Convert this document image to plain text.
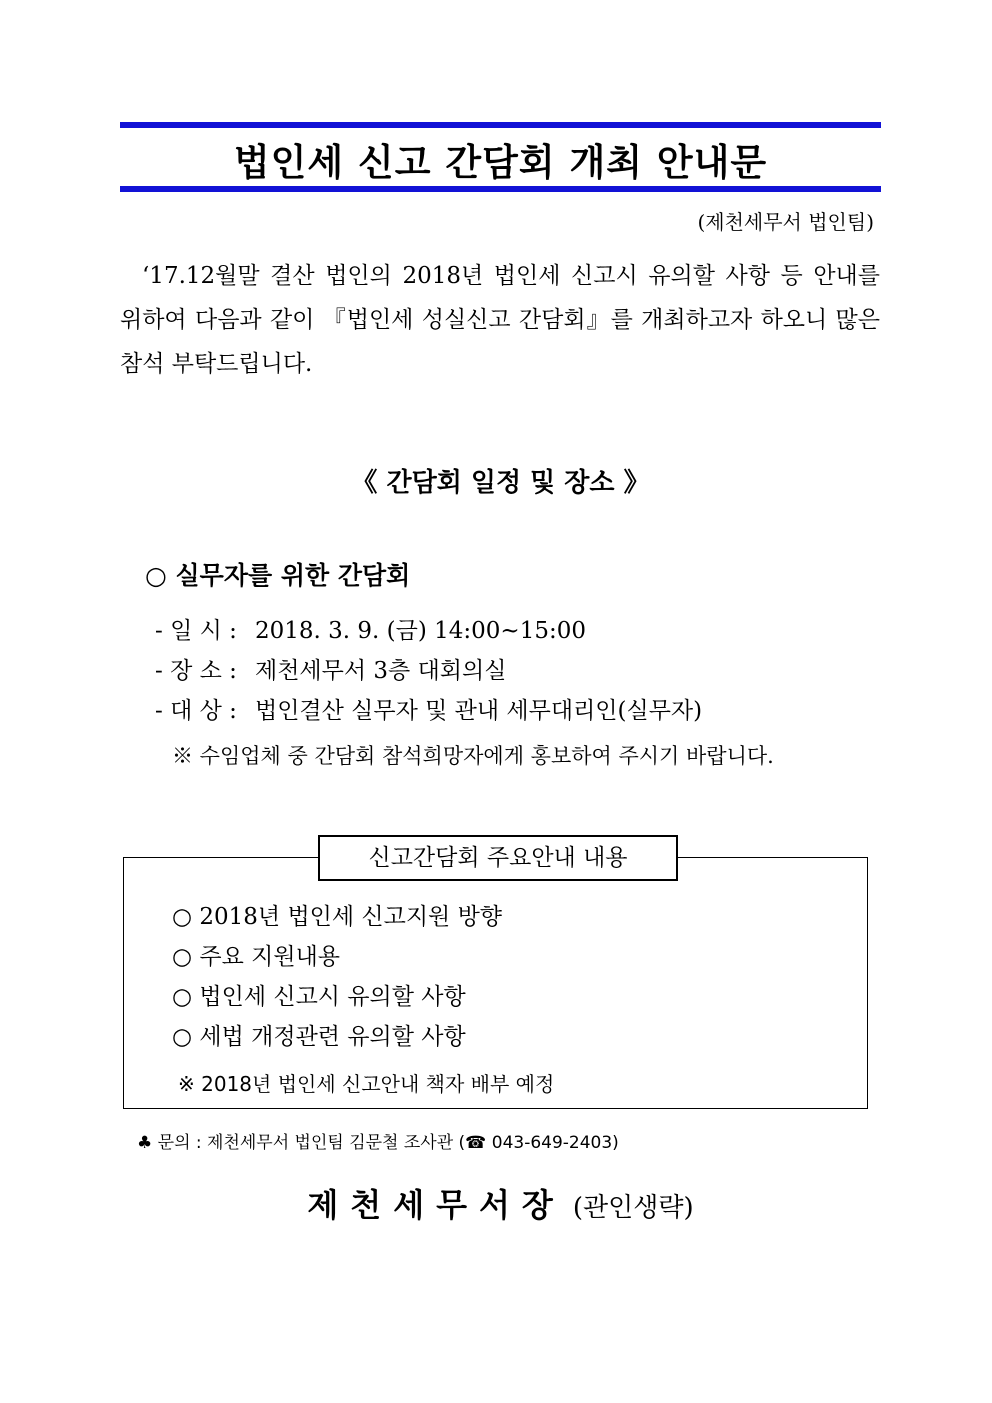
법인세 신고 간담회 개최 안내문
(제천세무서 법인팀)
‘17.12월말 결산 법인의 2018년 법인세 신고시 유의할 사항 등 안내를 위하여 다음과 같이 『법인세 성실신고 간담회』를 개최하고자 하오니 많은 참석 부탁드립니다.
《 간담회 일정 및 장소 》
○ 실무자를 위한 간담회
- 일 시 : 2018. 3. 9. (금) 14:00~15:00
- 장 소 : 제천세무서 3층 대회의실
- 대 상 : 법인결산 실무자 및 관내 세무대리인(실무자)
※ 수임업체 중 간담회 참석희망자에게 홍보하여 주시기 바랍니다.
신고간담회 주요안내 내용
○ 2018년 법인세 신고지원 방향
○ 주요 지원내용
○ 법인세 신고시 유의할 사항
○ 세법 개정관련 유의할 사항
※ 2018년 법인세 신고안내 책자 배부 예정
♣ 문의 : 제천세무서 법인팀 김문철 조사관 (☎ 043-649-2403)
제천세무서장 (관인생략)
